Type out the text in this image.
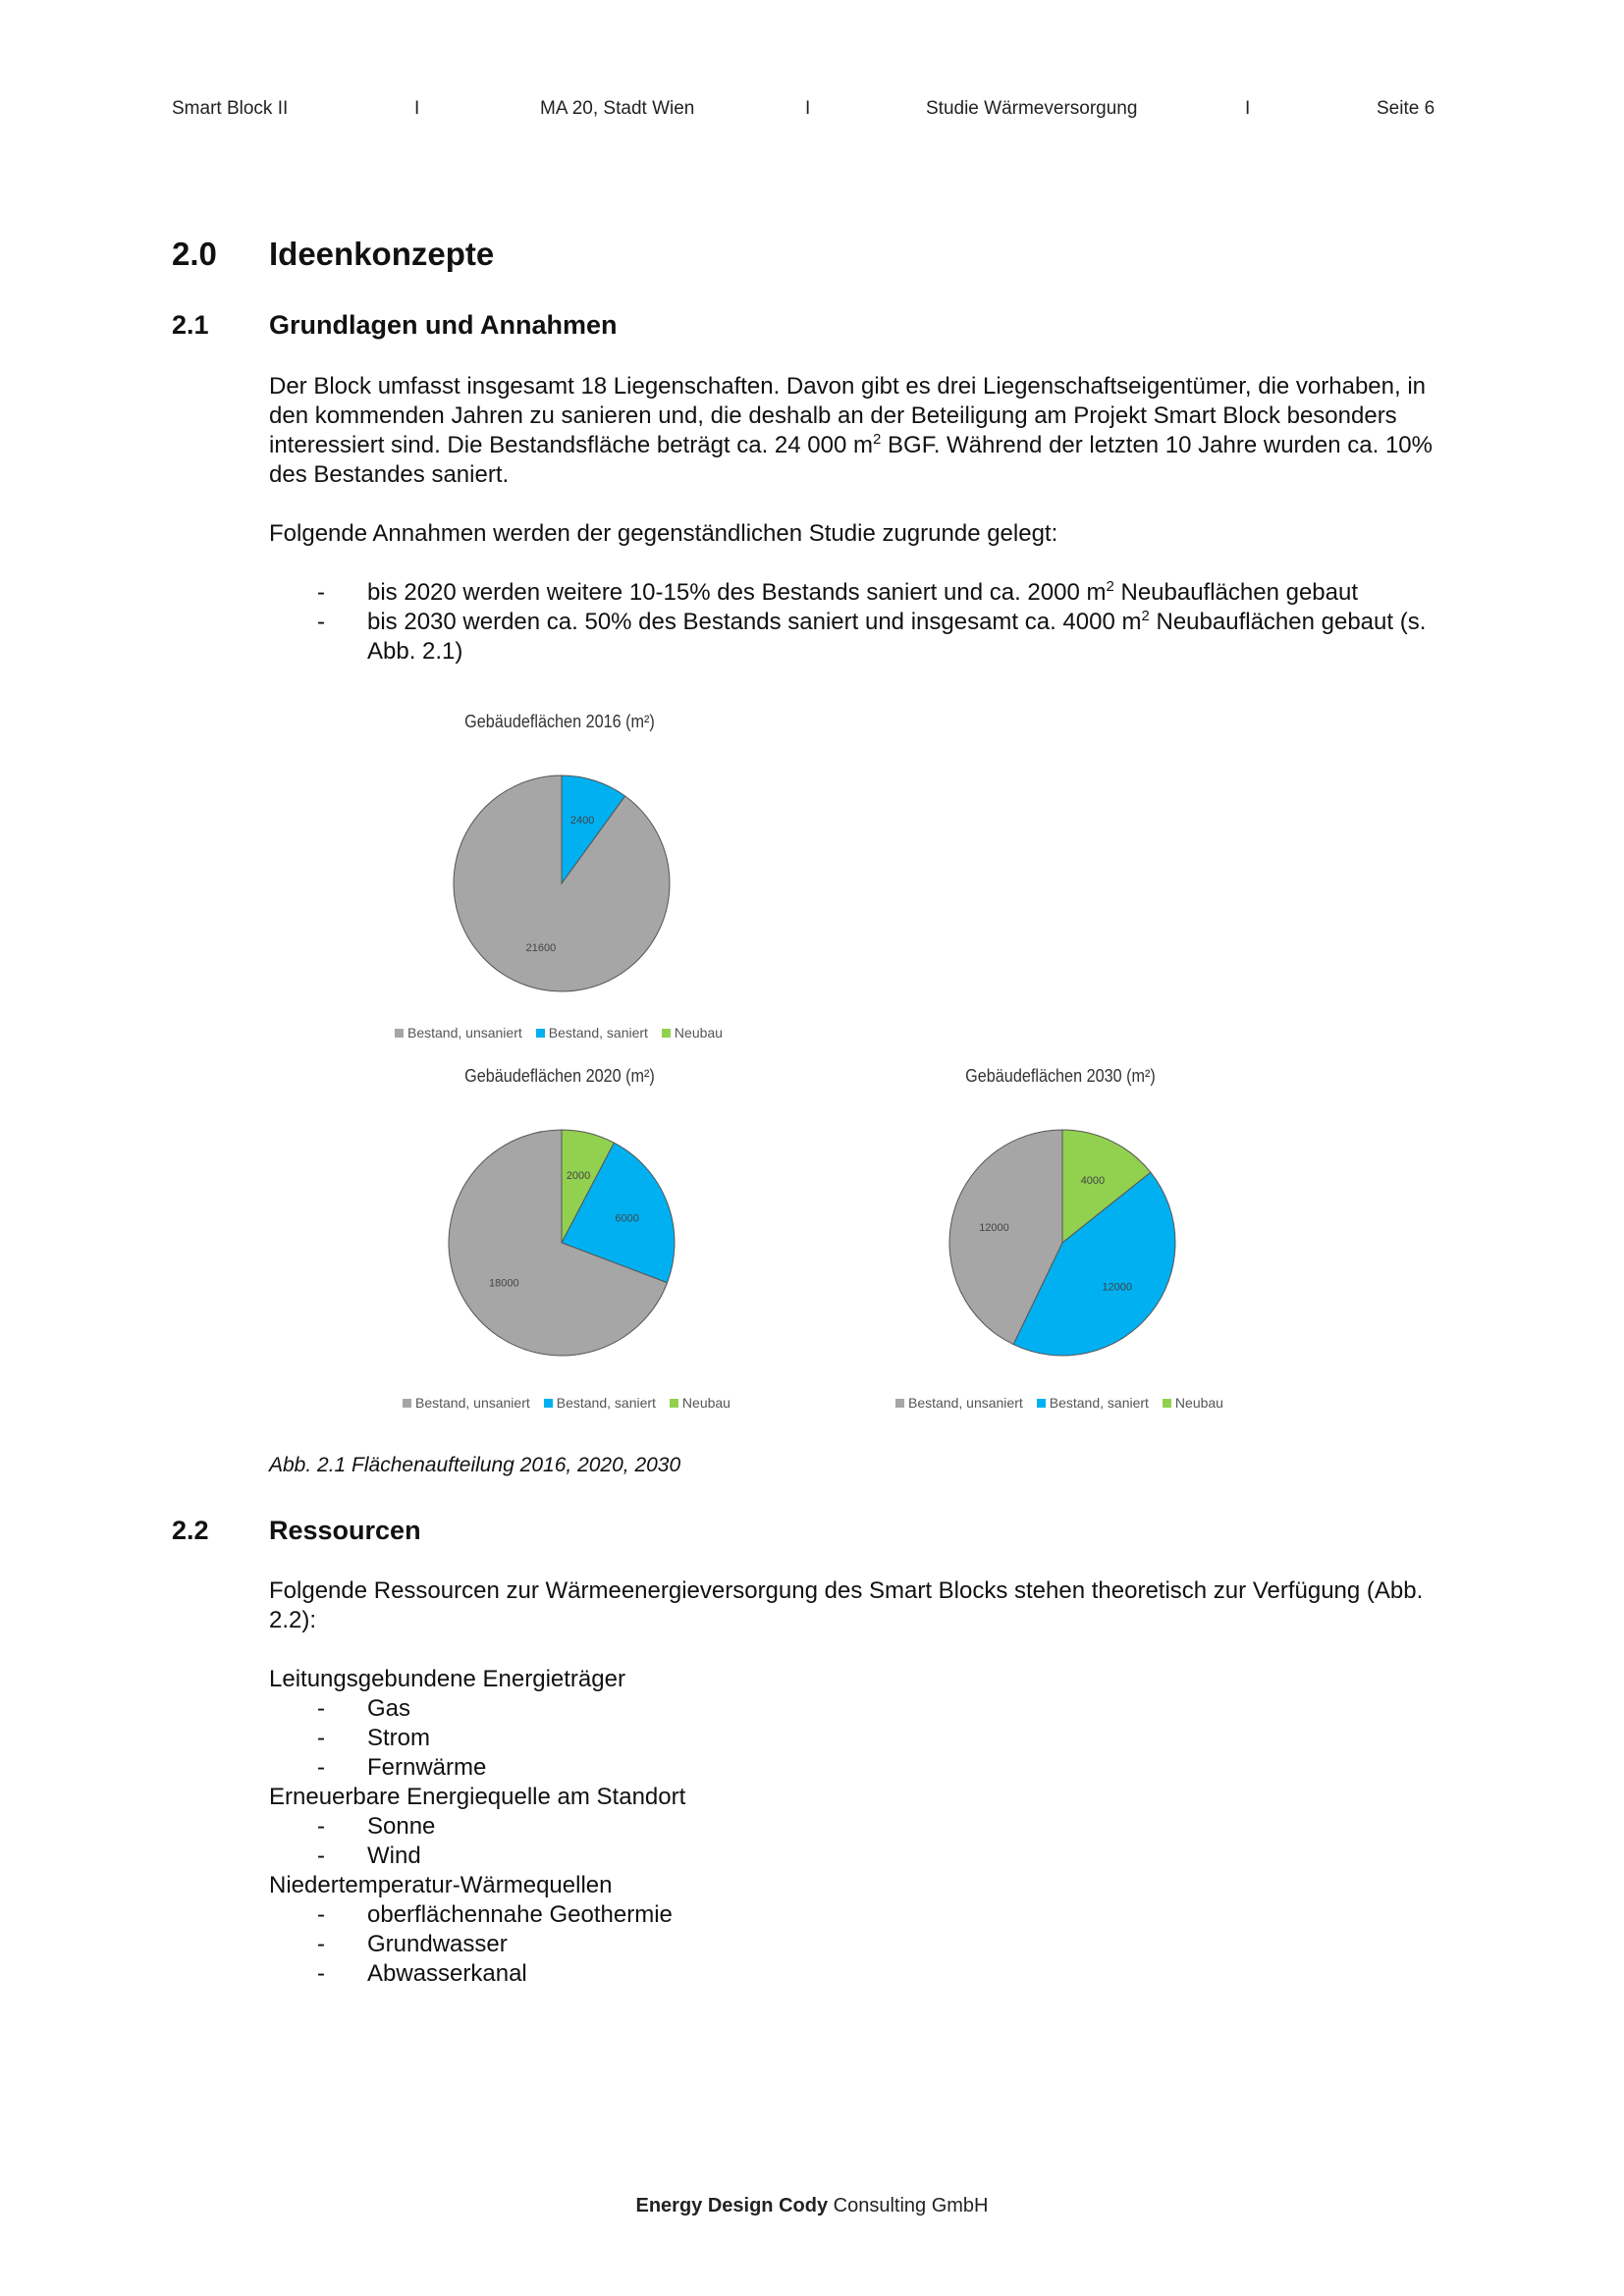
Smart Block II	I	MA 20, Stadt Wien	I	Studie Wärmeversorgung	I	Seite 6
2.0 Ideenkonzepte
2.1 Grundlagen und Annahmen

Der Block umfasst insgesamt 18 Liegenschaften. Davon gibt es drei Liegenschaftseigentümer, die vorhaben, in den kommenden Jahren zu sanieren und, die deshalb an der Beteiligung am Projekt Smart Block besonders interessiert sind. Die Bestandsfläche beträgt ca. 24 000 $m^2$ BGF. Während der letzten 10 Jahre wurden ca. 10% des Bestandes saniert.

Folgende Annahmen werden der gegenständlichen Studie zugrunde gelegt:
- bis 2020 werden weitere 10-15% des Bestands saniert und ca. 2000 $m^2$ Neubauflächen gebaut
- bis 2030 werden ca. 50% des Bestands saniert und insgesamt ca. 4000 $m^2$ Neubauflächen gebaut (s. Abb. 2.1)
Gebäudeflächen 2016 (m²)
2400
21600
Bestand, unsaniert Bestand, saniert Neubau
Gebäudeflächen 2020 (m²)
2000
6000
18000
Bestand, unsaniert Bestand, saniert Neubau
Gebäudeflächen 2030 (m²)
4000
12000
12000
Bestand, unsaniert Bestand, saniert Neubau
Abb. 2.1 Flächenaufteilung 2016, 2020, 2030
2.2 Ressourcen
Folgende Ressourcen zur Wärmeenergieversorgung des Smart Blocks stehen theoretisch zur Verfügung (Abb. 2.2):
Leitungsgebundene Energieträger
- Gas
- Strom
- Fernwärme
Erneuerbare Energiequelle am Standort
- Sonne
- Wind
Niedertemperatur-Wärmequellen
- oberflächennahe Geothermie
- Grundwasser
- Abwasserkanal
Energy Design Cody Consulting GmbH
